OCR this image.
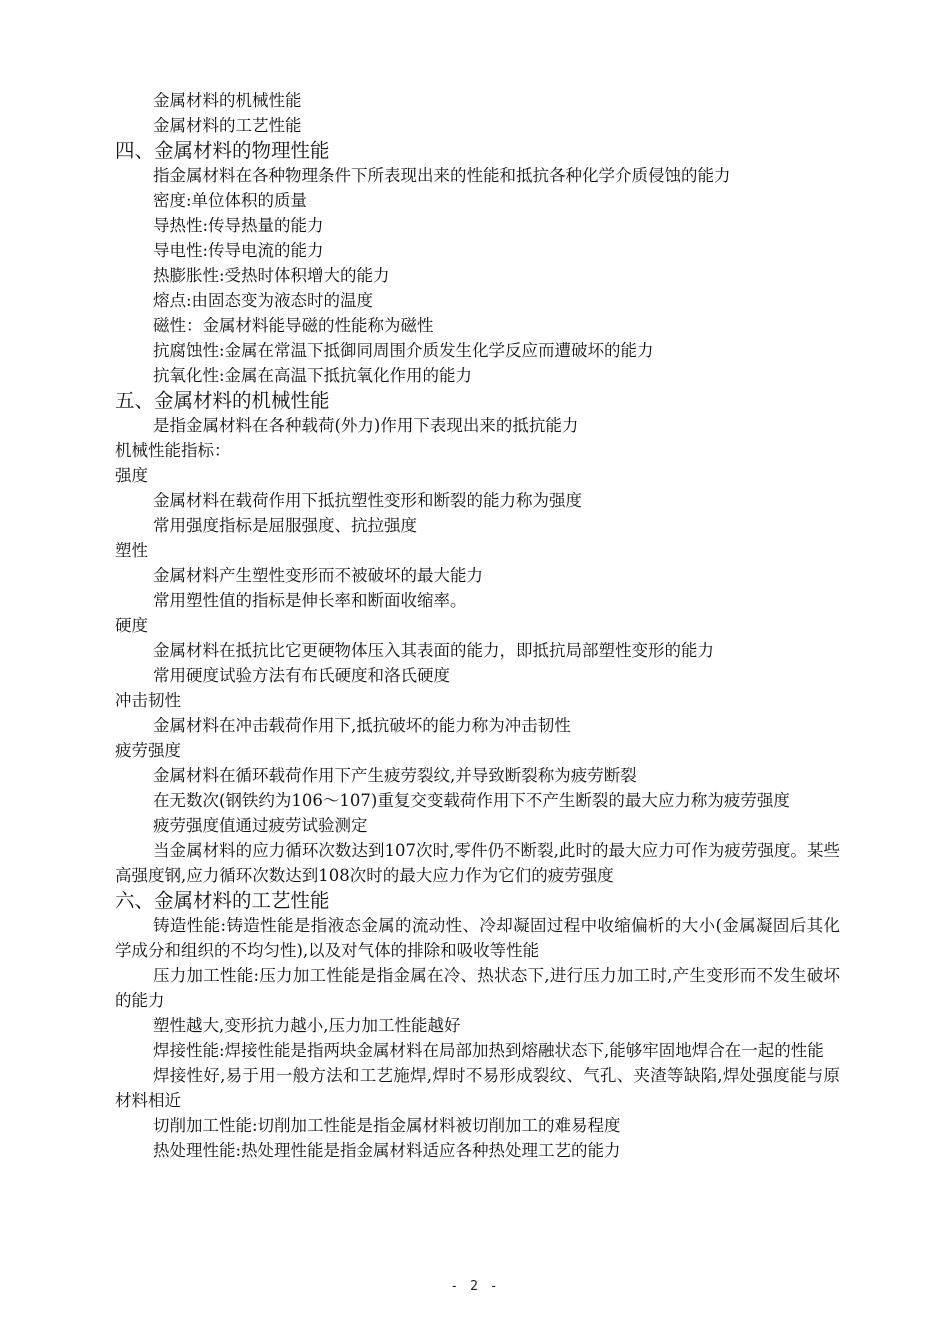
金属材料的机械性能
金属材料的工艺性能
四、金属材料的物理性能
指金属材料在各种物理条件下所表现出来的性能和抵抗各种化学介质侵蚀的能力
密度:单位体积的质量
导热性:传导热量的能力
导电性:传导电流的能力
热膨胀性:受热时体积增大的能力
熔点:由固态变为液态时的温度
磁性：金属材料能导磁的性能称为磁性
抗腐蚀性:金属在常温下抵御同周围介质发生化学反应而遭破坏的能力
抗氧化性:金属在高温下抵抗氧化作用的能力
五、金属材料的机械性能
是指金属材料在各种载荷(外力)作用下表现出来的抵抗能力
机械性能指标：
强度
金属材料在载荷作用下抵抗塑性变形和断裂的能力称为强度
常用强度指标是屈服强度、抗拉强度
塑性
金属材料产生塑性变形而不被破坏的最大能力
常用塑性值的指标是伸长率和断面收缩率。
硬度
金属材料在抵抗比它更硬物体压入其表面的能力，即抵抗局部塑性变形的能力
常用硬度试验方法有布氏硬度和洛氏硬度
冲击韧性
金属材料在冲击载荷作用下,抵抗破坏的能力称为冲击韧性
疲劳强度
金属材料在循环载荷作用下产生疲劳裂纹,并导致断裂称为疲劳断裂
在无数次(钢铁约为106～107)重复交变载荷作用下不产生断裂的最大应力称为疲劳强度
疲劳强度值通过疲劳试验测定
当金属材料的应力循环次数达到107次时,零件仍不断裂,此时的最大应力可作为疲劳强度。某些高强度钢,应力循环次数达到108次时的最大应力作为它们的疲劳强度
六、金属材料的工艺性能
铸造性能:铸造性能是指液态金属的流动性、冷却凝固过程中收缩偏析的大小(金属凝固后其化学成分和组织的不均匀性),以及对气体的排除和吸收等性能
压力加工性能:压力加工性能是指金属在冷、热状态下,进行压力加工时,产生变形而不发生破坏的能力
塑性越大,变形抗力越小,压力加工性能越好
焊接性能:焊接性能是指两块金属材料在局部加热到熔融状态下,能够牢固地焊合在一起的性能
焊接性好,易于用一般方法和工艺施焊,焊时不易形成裂纹、气孔、夹渣等缺陷,焊处强度能与原材料相近
切削加工性能:切削加工性能是指金属材料被切削加工的难易程度
热处理性能:热处理性能是指金属材料适应各种热处理工艺的能力
- 2 -
